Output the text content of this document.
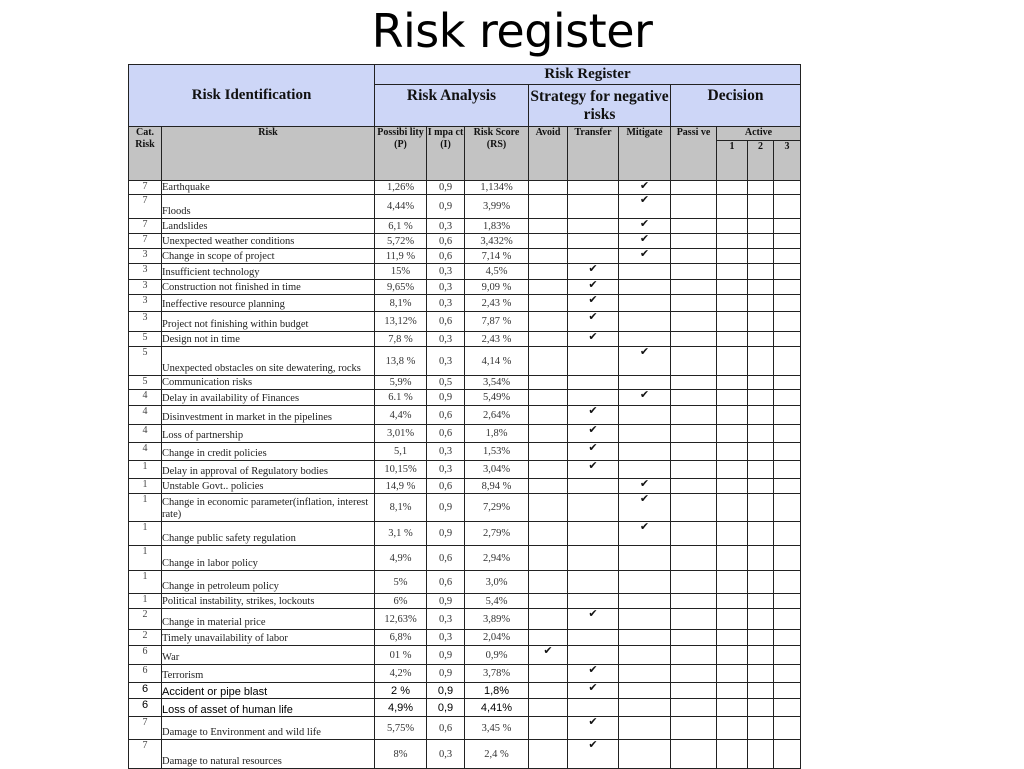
Risk register
Risk Identification		Risk Register									
		Risk Analysis			Strategy for negative risks			Decision			
Cat. Risk	Risk	Possibi lity (P)	I mpa ct (I)	Risk Score (RS)	Avoid	Transfer	Mitigate	Passi ve	Active		
									1	2	3
7	Earthquake	1,26%	0,9	1,134%			✔				
7	Floods	4,44%	0,9	3,99%			✔				
7	Landslides	6,1 %	0,3	1,83%			✔				
7	Unexpected weather conditions	5,72%	0,6	3,432%			✔				
3	Change in scope of project	11,9 %	0,6	7,14 %			✔				
3	Insufficient technology	15%	0,3	4,5%		✔					
3	Construction not finished in time	9,65%	0,3	9,09 %		✔					
3	Ineffective resource planning	8,1%	0,3	2,43 %		✔					
3	Project not finishing within budget	13,12%	0,6	7,87 %		✔					
5	Design not in time	7,8 %	0,3	2,43 %		✔					
5	Unexpected obstacles on site dewatering, rocks	13,8 %	0,3	4,14 %			✔				
5	Communication risks	5,9%	0,5	3,54%							
4	Delay in availability of Finances	6.1 %	0,9	5,49%			✔				
4	Disinvestment in market in the pipelines	4,4%	0,6	2,64%		✔					
4	Loss of partnership	3,01%	0,6	1,8%		✔					
4	Change in credit policies	5,1	0,3	1,53%		✔					
1	Delay in approval of Regulatory bodies	10,15%	0,3	3,04%		✔					
1	Unstable Govt.. policies	14,9 %	0,6	8,94 %			✔				
1	Change in economic parameter(inflation, interest rate)	8,1%	0,9	7,29%			✔				
1	Change public safety regulation	3,1 %	0,9	2,79%			✔				
1	Change in labor policy	4,9%	0,6	2,94%							
1	Change in petroleum policy	5%	0,6	3,0%							
1	Political instability, strikes, lockouts	6%	0,9	5,4%							
2	Change in material price	12,63%	0,3	3,89%		✔					
2	Timely unavailability of labor	6,8%	0,3	2,04%							
6	War	01 %	0,9	0,9%	✔						
6	Terrorism	4,2%	0,9	3,78%		✔					
6	Accident or pipe blast	2 %	0,9	1,8%		✔					
6	Loss of asset of human life	4,9%	0,9	4,41%							
7	Damage to Environment and wild life	5,75%	0,6	3,45 %		✔					
7	Damage to natural resources	8%	0,3	2,4 %		✔					
